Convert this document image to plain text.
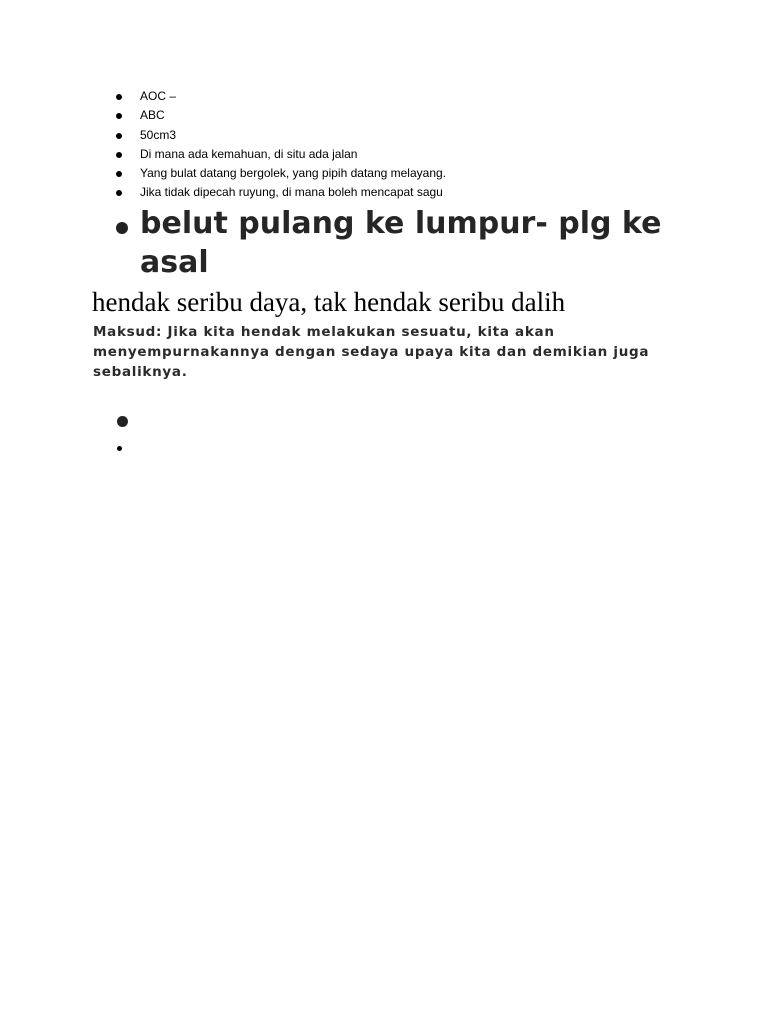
AOC –
ABC
50cm3
Di mana ada kemahuan, di situ ada jalan
Yang bulat datang bergolek, yang pipih datang melayang.
Jika tidak dipecah ruyung, di mana boleh mencapat sagu
belut pulang ke lumpur- plg ke asal
hendak seribu daya, tak hendak seribu dalih
Maksud: Jika kita hendak melakukan sesuatu, kita akan menyempurnakannya dengan sedaya upaya kita dan demikian juga sebaliknya.
